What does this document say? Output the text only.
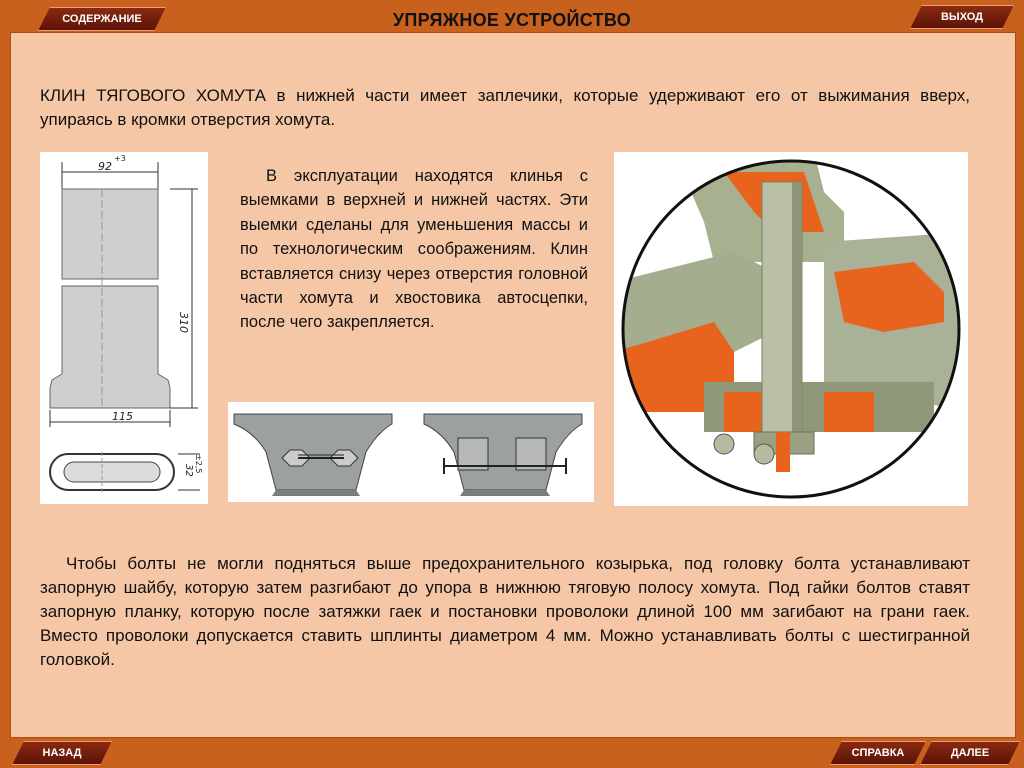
УПРЯЖНОЕ УСТРОЙСТВО
СОДЕРЖАНИЕ	ВЫХОД
НАЗАД	СПРАВКА	ДАЛЕЕ
КЛИН ТЯГОВОГО ХОМУТА в нижней части имеет заплечики, которые удерживают его от выжимания вверх, упираясь в кромки отверстия хомута.
92
+3
310
115
32 ±2,5
В эксплуатации находятся клинья с выемками в верхней и нижней частях. Эти выемки сделаны для уменьшения массы и по технологическим соображениям. Клин вставляется снизу через отверстия головной части хомута и хвостовика автосцепки, после чего закрепляется.
Чтобы болты не могли подняться выше предохранительного козырька, под головку болта устанавливают запорную шайбу, которую затем разгибают до упора в нижнюю тяговую полосу хомута. Под гайки болтов ставят запорную планку, которую после затяжки гаек и постановки проволоки длиной 100 мм загибают на грани гаек. Вместо проволоки допускается ставить шплинты диаметром 4 мм. Можно устанавливать болты с шестигранной головкой.
